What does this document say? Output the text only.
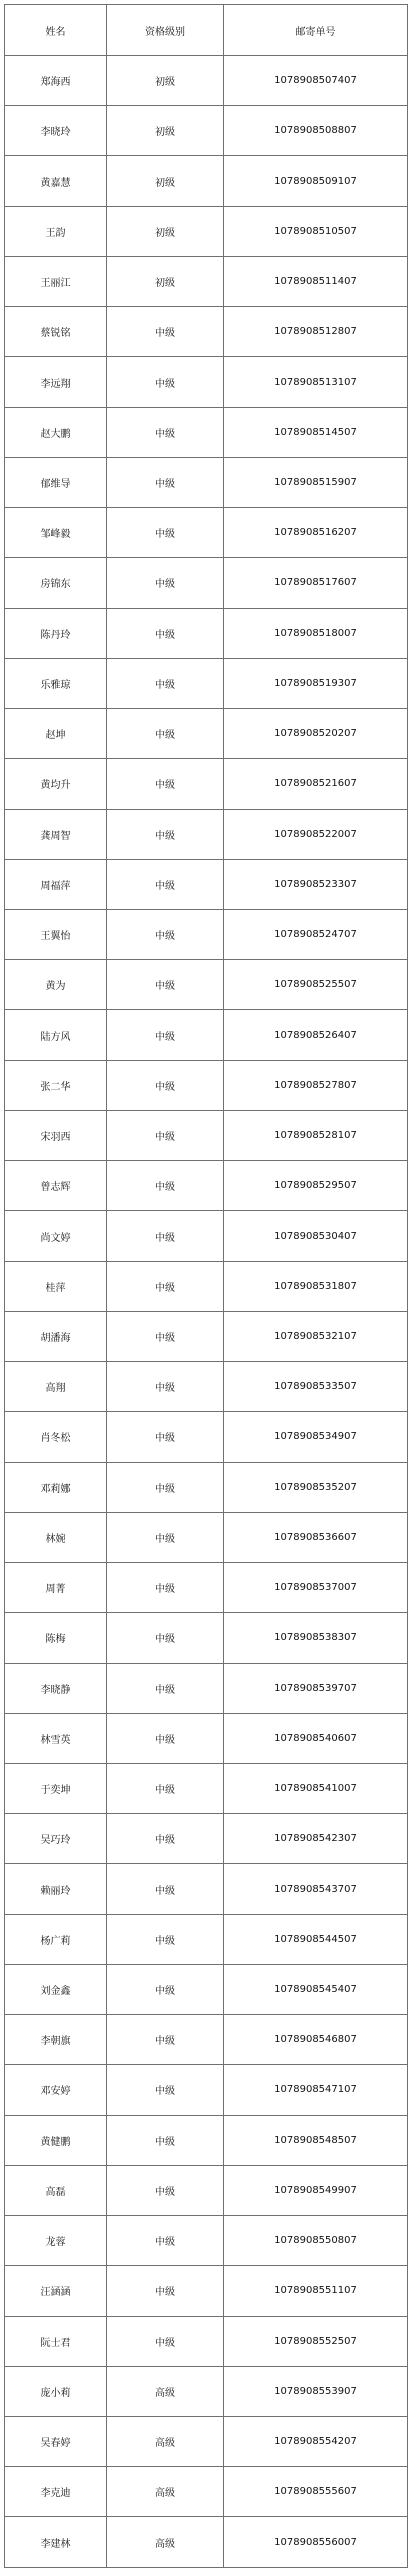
姓名	资格级别	邮寄单号
郑海西	初级	1078908507407
李晓玲	初级	1078908508807
黄嘉慧	初级	1078908509107
王韵	初级	1078908510507
王丽江	初级	1078908511407
蔡锐铭	中级	1078908512807
李远翔	中级	1078908513107
赵大鹏	中级	1078908514507
郁维导	中级	1078908515907
邹峰毅	中级	1078908516207
房锦东	中级	1078908517607
陈丹玲	中级	1078908518007
乐雅琼	中级	1078908519307
赵坤	中级	1078908520207
黄均升	中级	1078908521607
龚周智	中级	1078908522007
周福萍	中级	1078908523307
王翼怡	中级	1078908524707
黄为	中级	1078908525507
陆方风	中级	1078908526407
张二华	中级	1078908527807
宋羽西	中级	1078908528107
曾志辉	中级	1078908529507
尚文婷	中级	1078908530407
桂萍	中级	1078908531807
胡潘海	中级	1078908532107
高翔	中级	1078908533507
肖冬松	中级	1078908534907
邓莉娜	中级	1078908535207
林婉	中级	1078908536607
周菁	中级	1078908537007
陈梅	中级	1078908538307
李晓静	中级	1078908539707
林雪英	中级	1078908540607
于奕坤	中级	1078908541007
吴巧玲	中级	1078908542307
赖丽玲	中级	1078908543707
杨广莉	中级	1078908544507
刘金鑫	中级	1078908545407
李朝旗	中级	1078908546807
邓安婷	中级	1078908547107
黄健鹏	中级	1078908548507
高磊	中级	1078908549907
龙蓉	中级	1078908550807
汪涵涵	中级	1078908551107
阮士君	中级	1078908552507
庞小莉	高级	1078908553907
吴春婷	高级	1078908554207
李克迪	高级	1078908555607
李建林	高级	1078908556007
